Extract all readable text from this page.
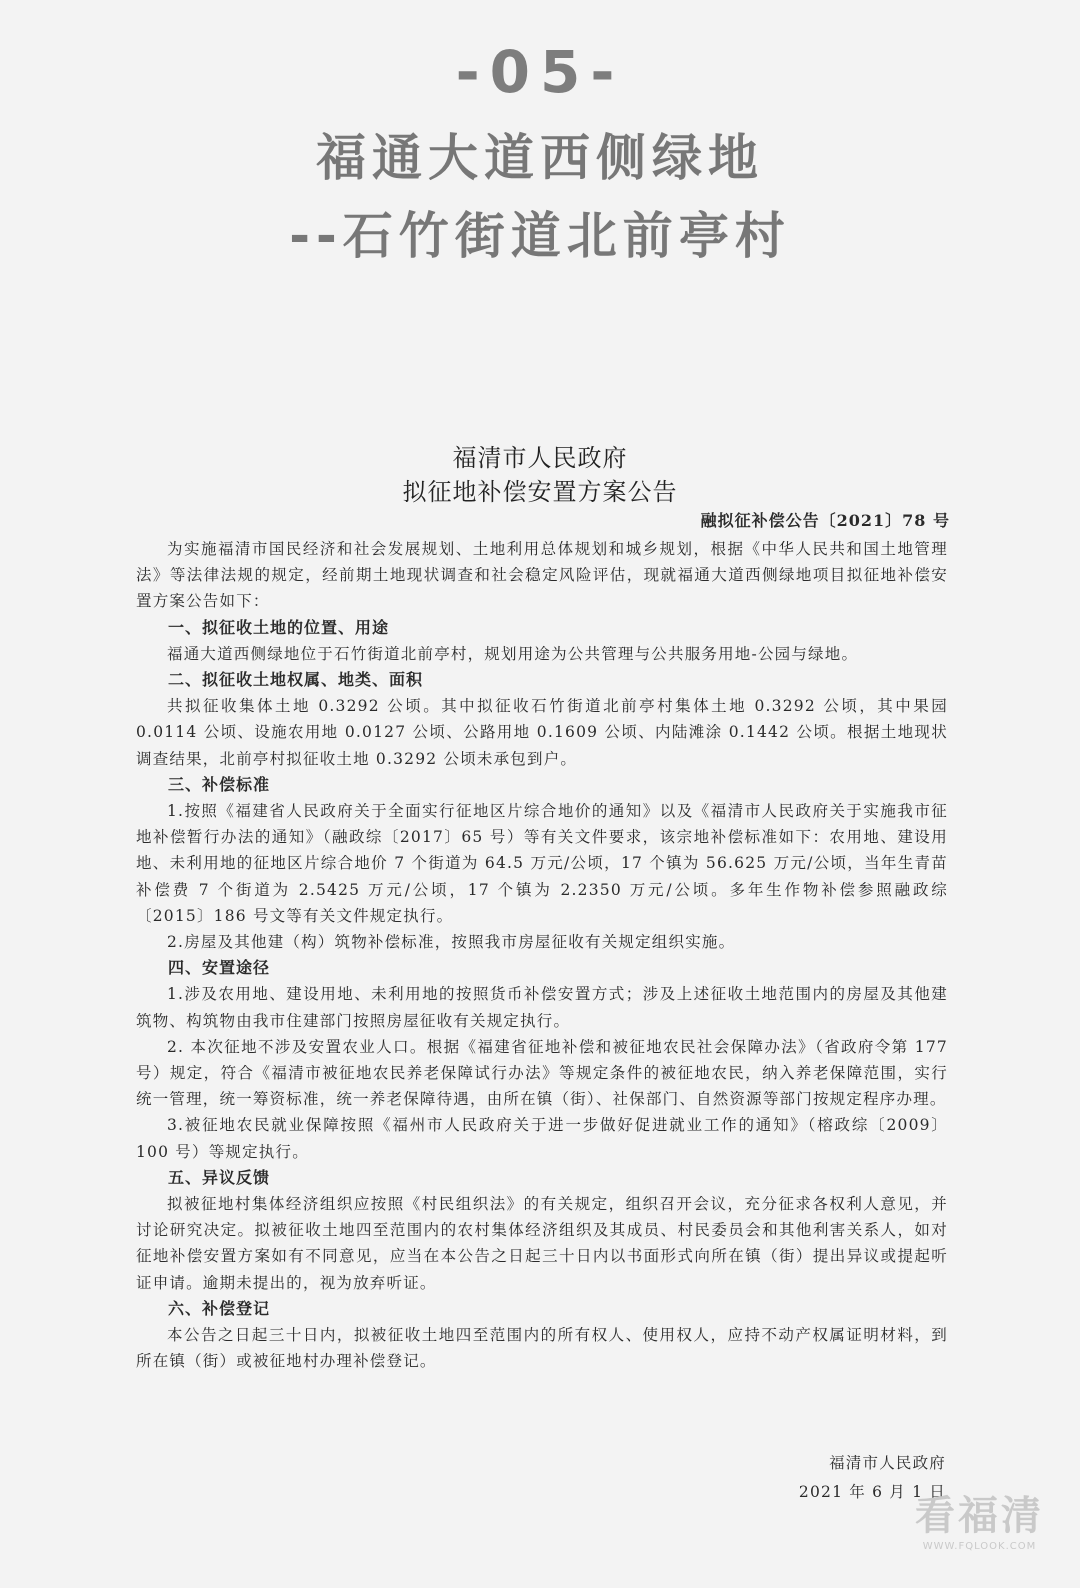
-05-
福通大道西侧绿地
--石竹街道北前亭村
福清市人民政府
拟征地补偿安置方案公告
融拟征补偿公告〔2021〕78 号

为实施福清市国民经济和社会发展规划、土地利用总体规划和城乡规划，根据《中华人民共和国土地管理法》等法律法规的规定，经前期土地现状调查和社会稳定风险评估，现就福通大道西侧绿地项目拟征地补偿安置方案公告如下：

一、拟征收土地的位置、用途

福通大道西侧绿地位于石竹街道北前亭村，规划用途为公共管理与公共服务用地-公园与绿地。

二、拟征收土地权属、地类、面积

共拟征收集体土地 0.3292 公顷。其中拟征收石竹街道北前亭村集体土地 0.3292 公顷，其中果园 0.0114 公顷、设施农用地 0.0127 公顷、公路用地 0.1609 公顷、内陆滩涂 0.1442 公顷。根据土地现状调查结果，北前亭村拟征收土地 0.3292 公顷未承包到户。

三、补偿标准

1.按照《福建省人民政府关于全面实行征地区片综合地价的通知》以及《福清市人民政府关于实施我市征地补偿暂行办法的通知》（融政综〔2017〕65 号）等有关文件要求，该宗地补偿标准如下：农用地、建设用地、未利用地的征地区片综合地价 7 个街道为 64.5 万元/公顷，17 个镇为 56.625 万元/公顷，当年生青苗补偿费 7 个街道为 2.5425 万元/公顷，17 个镇为 2.2350 万元/公顷。多年生作物补偿参照融政综〔2015〕186 号文等有关文件规定执行。

2.房屋及其他建（构）筑物补偿标准，按照我市房屋征收有关规定组织实施。

四、安置途径

1.涉及农用地、建设用地、未利用地的按照货币补偿安置方式；涉及上述征收土地范围内的房屋及其他建筑物、构筑物由我市住建部门按照房屋征收有关规定执行。

2. 本次征地不涉及安置农业人口。根据《福建省征地补偿和被征地农民社会保障办法》（省政府令第 177 号）规定，符合《福清市被征地农民养老保障试行办法》等规定条件的被征地农民，纳入养老保障范围，实行统一管理，统一筹资标准，统一养老保障待遇，由所在镇（街）、社保部门、自然资源等部门按规定程序办理。

3.被征地农民就业保障按照《福州市人民政府关于进一步做好促进就业工作的通知》（榕政综〔2009〕100 号）等规定执行。

五、异议反馈

拟被征地村集体经济组织应按照《村民组织法》的有关规定，组织召开会议，充分征求各权利人意见，并讨论研究决定。拟被征收土地四至范围内的农村集体经济组织及其成员、村民委员会和其他利害关系人，如对征地补偿安置方案如有不同意见，应当在本公告之日起三十日内以书面形式向所在镇（街）提出异议或提起听证申请。逾期未提出的，视为放弃听证。

六、补偿登记

本公告之日起三十日内，拟被征收土地四至范围内的所有权人、使用权人，应持不动产权属证明材料，到所在镇（街）或被征地村办理补偿登记。

福清市人民政府
2021 年 6 月 1 日
看福清
WWW.FQLOOK.COM
